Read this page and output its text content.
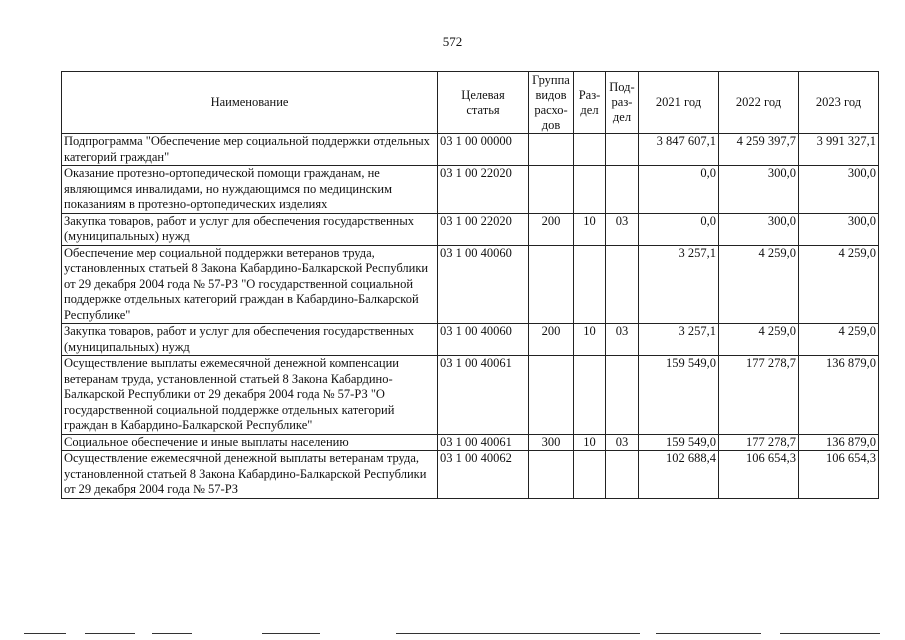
572
Наименование	Целевая статья	Группа видов расхо- дов	Раз- дел	Под- раз- дел	2021 год	2022 год	2023 год
Подпрограмма "Обеспечение мер социальной поддержки отдельных категорий граждан"	03 1 00 00000				3 847 607,1	4 259 397,7	3 991 327,1
Оказание протезно-ортопедической помощи гражданам, не являющимся инвалидами, но нуждающимся по медицинским показаниям в протезно-ортопедических изделиях	03 1 00 22020				0,0	300,0	300,0
Закупка товаров, работ и услуг для обеспечения государственных (муниципальных) нужд	03 1 00 22020	200	10	03	0,0	300,0	300,0
Обеспечение мер социальной поддержки ветеранов труда, установленных статьей 8 Закона Кабардино-Балкарской Республики от 29 декабря 2004 года № 57-РЗ "О государственной социальной поддержке отдельных категорий граждан в Кабардино-Балкарской Республике"	03 1 00 40060				3 257,1	4 259,0	4 259,0
Закупка товаров, работ и услуг для обеспечения государственных (муниципальных) нужд	03 1 00 40060	200	10	03	3 257,1	4 259,0	4 259,0
Осуществление выплаты ежемесячной денежной компенсации ветеранам труда, установленной статьей 8 Закона Кабардино-Балкарской Республики от 29 декабря 2004 года № 57-РЗ "О государственной социальной поддержке отдельных категорий граждан в Кабардино-Балкарской Республике"	03 1 00 40061				159 549,0	177 278,7	136 879,0
Социальное обеспечение и иные выплаты населению	03 1 00 40061	300	10	03	159 549,0	177 278,7	136 879,0
Осуществление ежемесячной денежной выплаты ветеранам труда, установленной статьей 8 Закона Кабардино-Балкарской Республики от 29 декабря 2004 года № 57-РЗ	03 1 00 40062				102 688,4	106 654,3	106 654,3
